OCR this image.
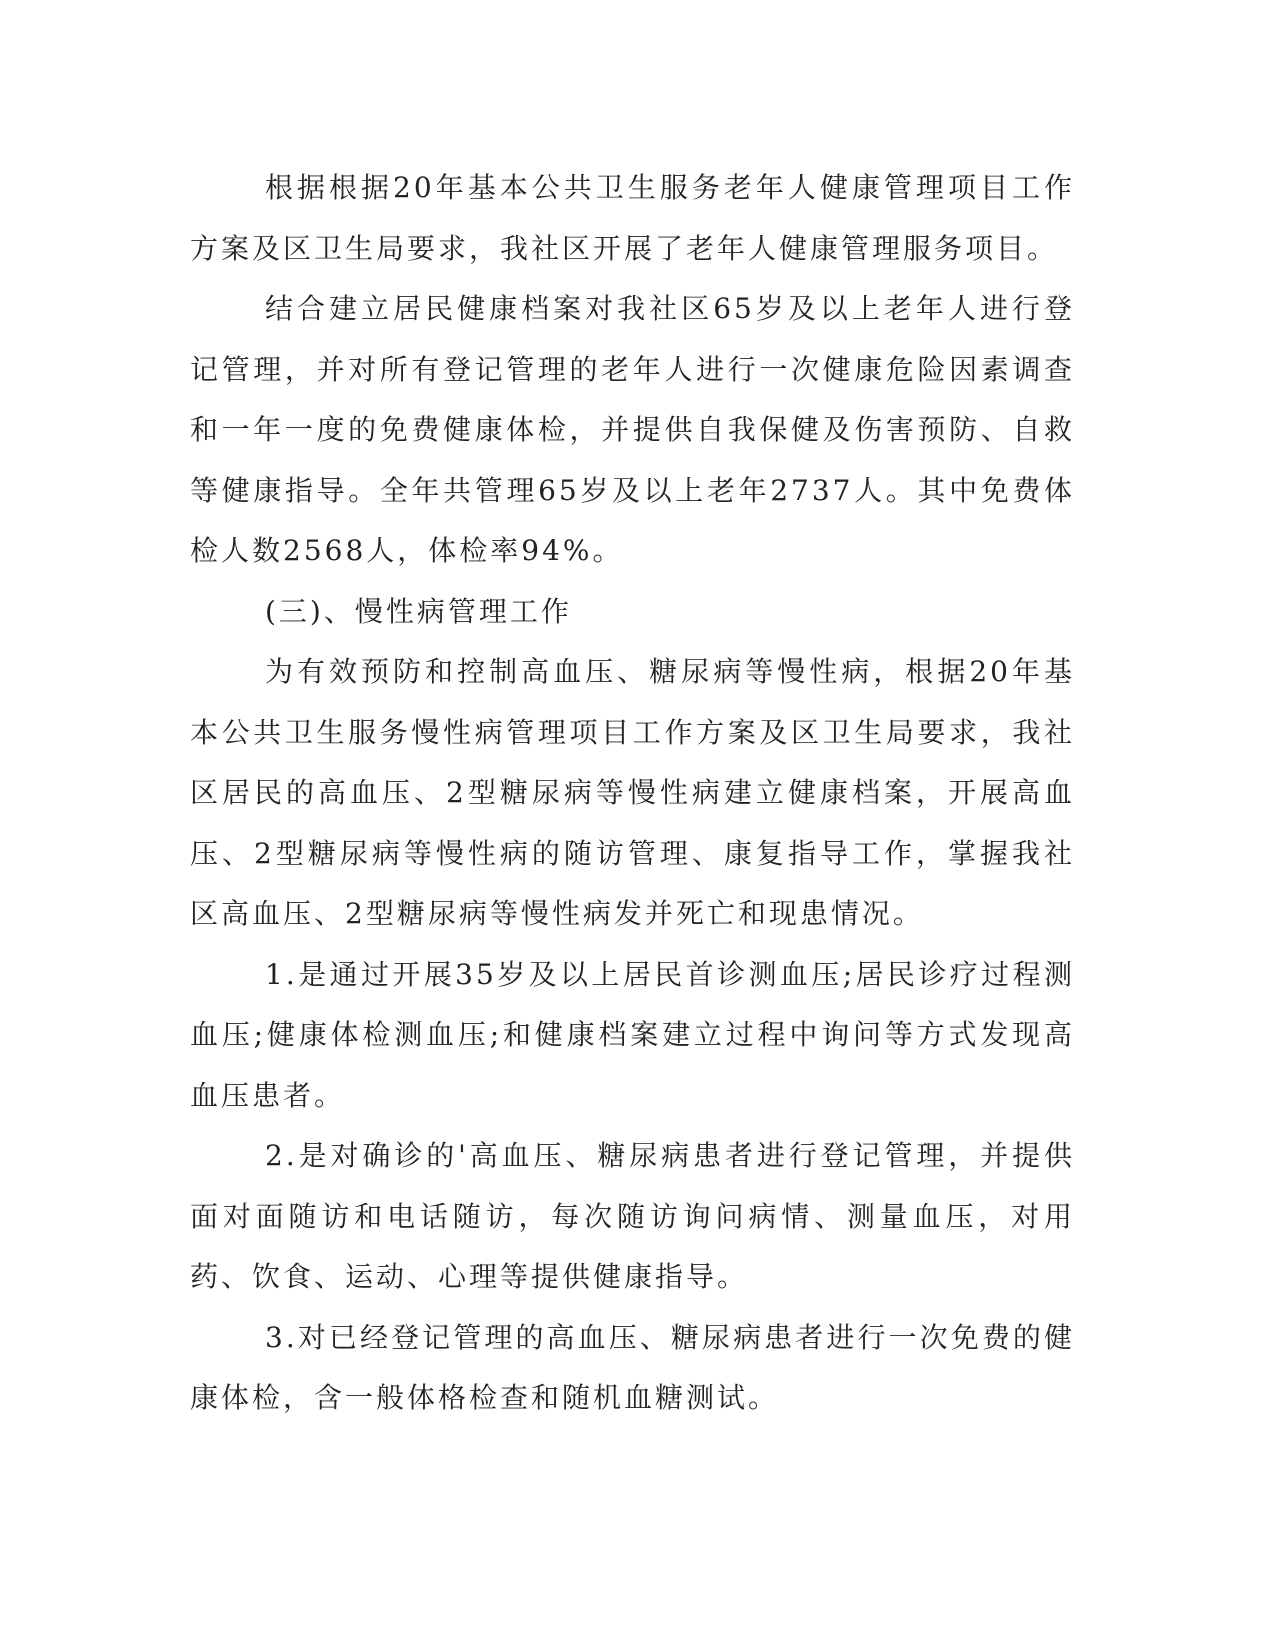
根据根据20年基本公共卫生服务老年人健康管理项目工作方案及区卫生局要求，我社区开展了老年人健康管理服务项目。

结合建立居民健康档案对我社区65岁及以上老年人进行登记管理，并对所有登记管理的老年人进行一次健康危险因素调查和一年一度的免费健康体检，并提供自我保健及伤害预防、自救等健康指导。全年共管理65岁及以上老年2737人。其中免费体检人数2568人，体检率94%。

(三)、慢性病管理工作

为有效预防和控制高血压、糖尿病等慢性病，根据20年基本公共卫生服务慢性病管理项目工作方案及区卫生局要求，我社区居民的高血压、2型糖尿病等慢性病建立健康档案，开展高血压、2型糖尿病等慢性病的随访管理、康复指导工作，掌握我社区高血压、2型糖尿病等慢性病发并死亡和现患情况。

1.是通过开展35岁及以上居民首诊测血压;居民诊疗过程测血压;健康体检测血压;和健康档案建立过程中询问等方式发现高血压患者。

2.是对确诊的'高血压、糖尿病患者进行登记管理，并提供面对面随访和电话随访，每次随访询问病情、测量血压，对用药、饮食、运动、心理等提供健康指导。

3.对已经登记管理的高血压、糖尿病患者进行一次免费的健康体检，含一般体格检查和随机血糖测试。
